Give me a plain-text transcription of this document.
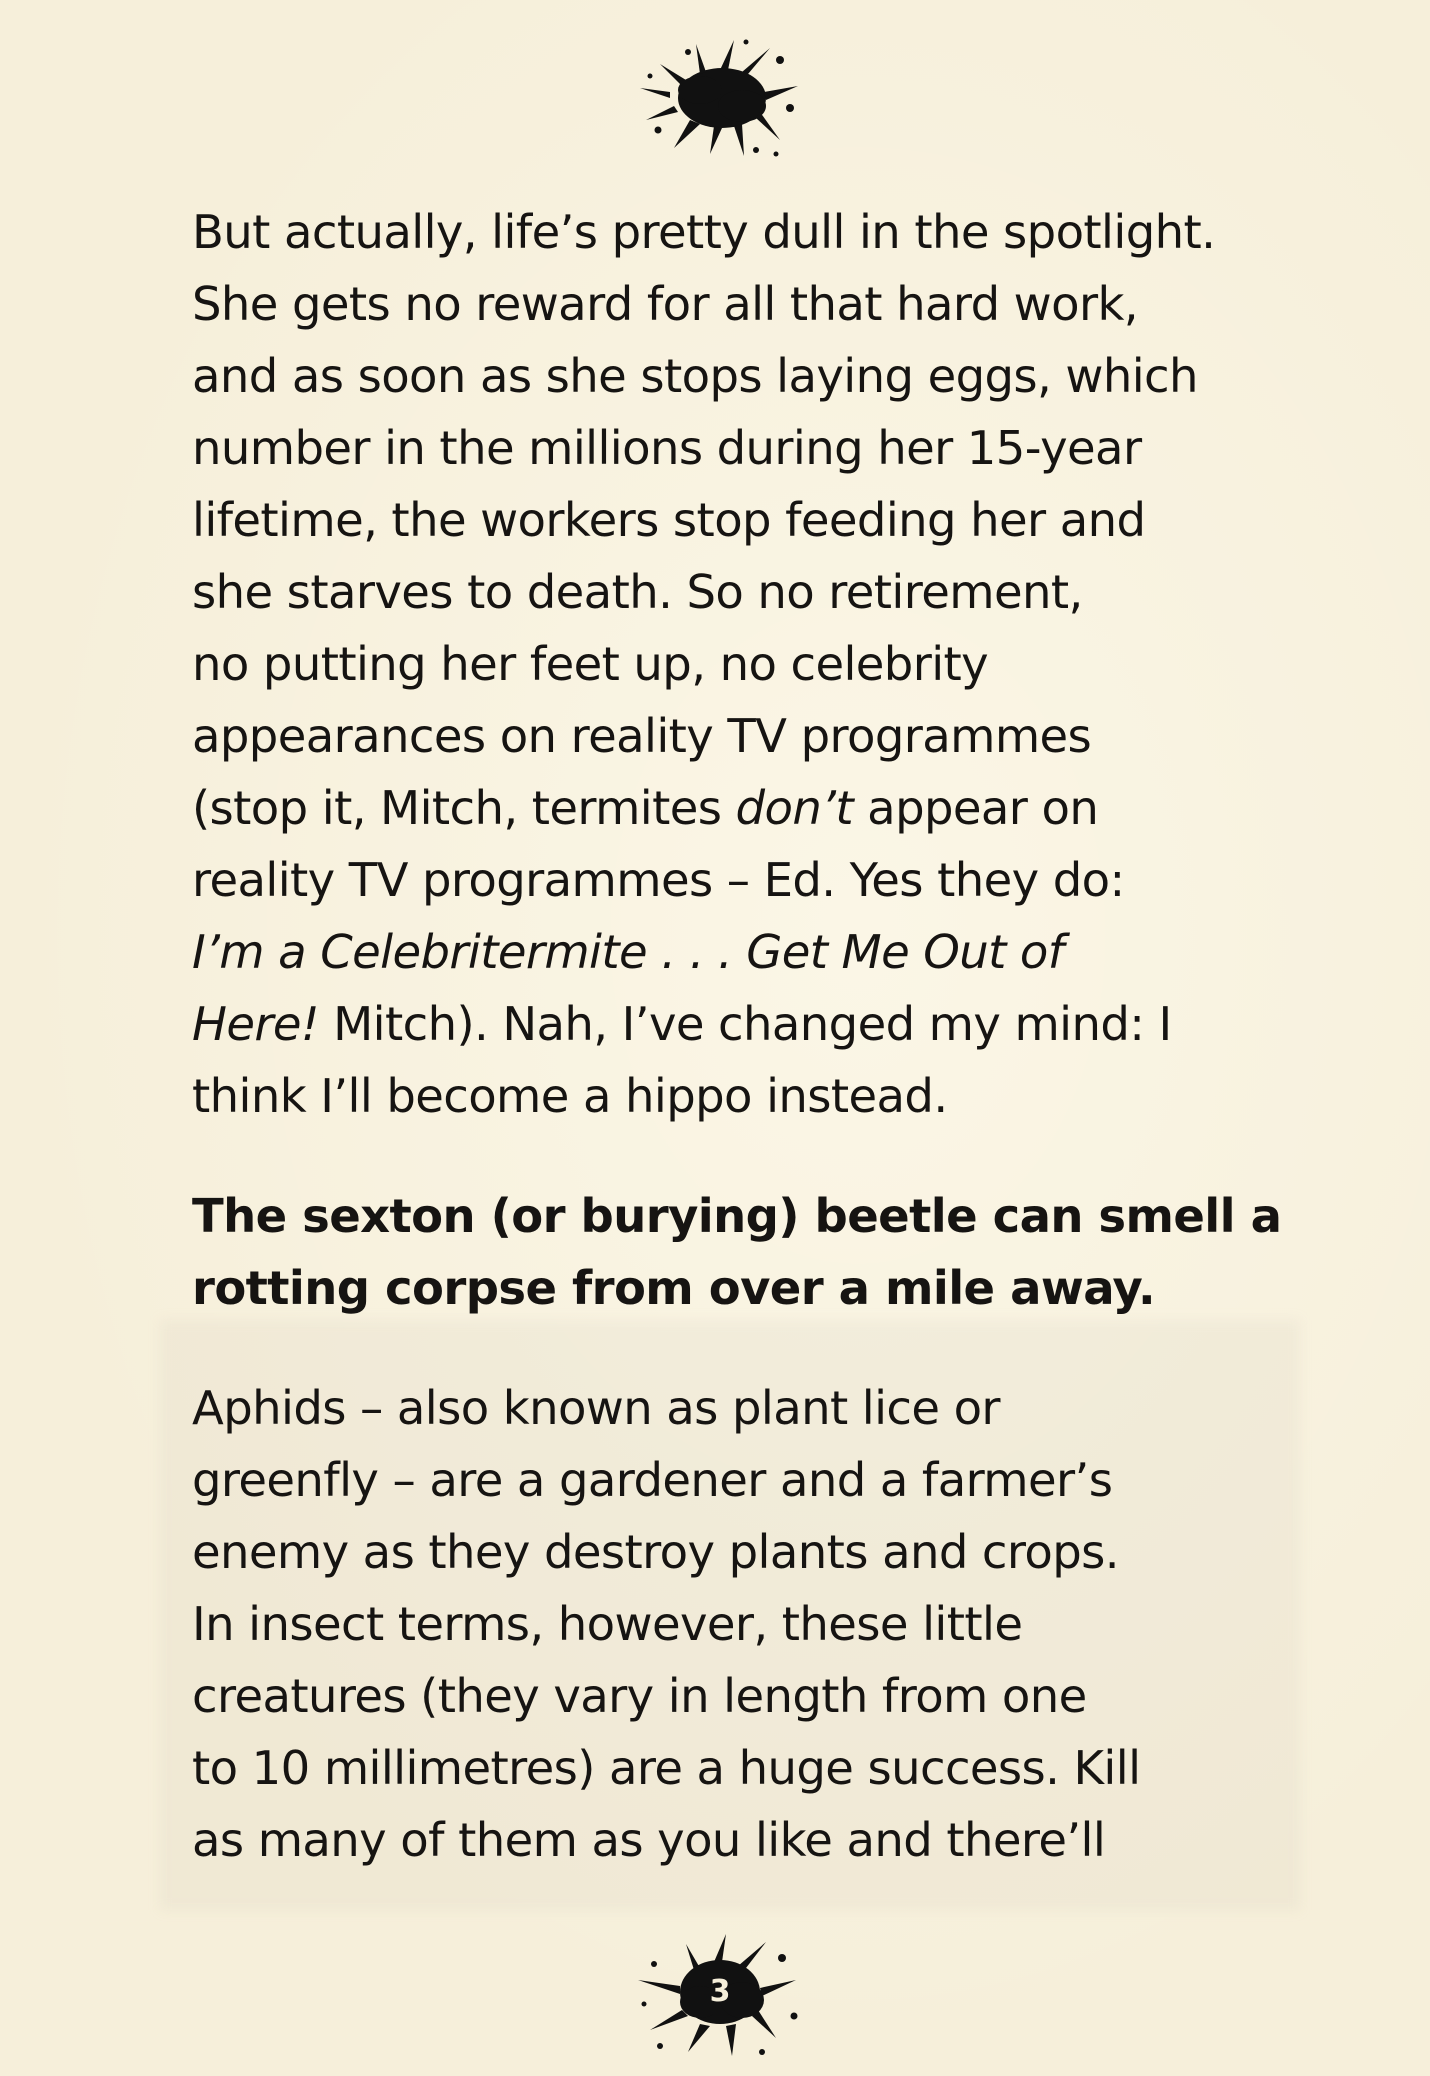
But actually, life’s pretty dull in the spotlight.
She gets no reward for all that hard work,
and as soon as she stops laying eggs, which
number in the millions during her 15-year
lifetime, the workers stop feeding her and
she starves to death. So no retirement,
no putting her feet up, no celebrity
appearances on reality TV programmes
(stop it, Mitch, termites don’t appear on
reality TV programmes – Ed. Yes they do:
I’m a Celebritermite . . . Get Me Out of
Here! Mitch). Nah, I’ve changed my mind: I
think I’ll become a hippo instead.

The sexton (or burying) beetle can smell a
rotting corpse from over a mile away.

Aphids – also known as plant lice or
greenfly – are a gardener and a farmer’s
enemy as they destroy plants and crops.
In insect terms, however, these little
creatures (they vary in length from one
to 10 millimetres) are a huge success. Kill
as many of them as you like and there’ll

3
